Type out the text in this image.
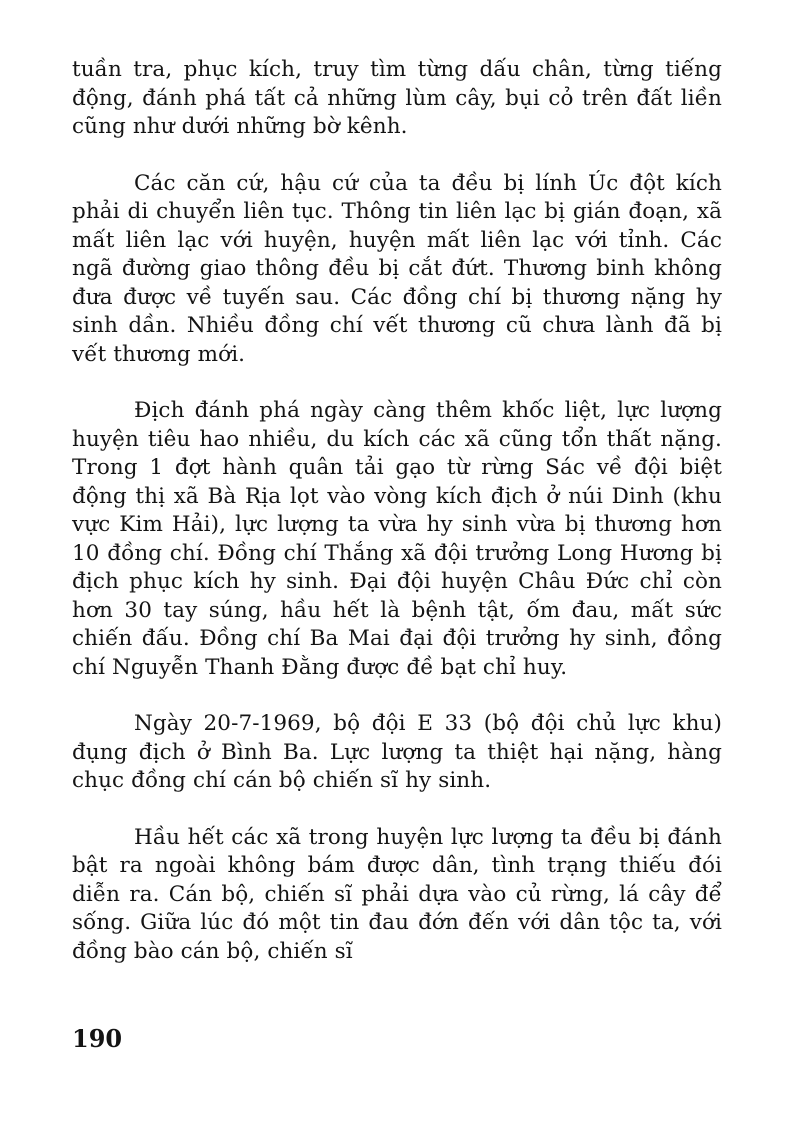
tuần tra, phục kích, truy tìm từng dấu chân, từng tiếng động, đánh phá tất cả những lùm cây, bụi cỏ trên đất liền cũng như dưới những bờ kênh.

Các căn cứ, hậu cứ của ta đều bị lính Úc đột kích phải di chuyển liên tục. Thông tin liên lạc bị gián đoạn, xã mất liên lạc với huyện, huyện mất liên lạc với tỉnh. Các ngã đường giao thông đều bị cắt đứt. Thương binh không đưa được về tuyến sau. Các đồng chí bị thương nặng hy sinh dần. Nhiều đồng chí vết thương cũ chưa lành đã bị vết thương mới.

Địch đánh phá ngày càng thêm khốc liệt, lực lượng huyện tiêu hao nhiều, du kích các xã cũng tổn thất nặng. Trong 1 đợt hành quân tải gạo từ rừng Sác về đội biệt động thị xã Bà Rịa lọt vào vòng kích địch ở núi Dinh (khu vực Kim Hải), lực lượng ta vừa hy sinh vừa bị thương hơn 10 đồng chí. Đồng chí Thắng xã đội trưởng Long Hương bị địch phục kích hy sinh. Đại đội huyện Châu Đức chỉ còn hơn 30 tay súng, hầu hết là bệnh tật, ốm đau, mất sức chiến đấu. Đồng chí Ba Mai đại đội trưởng hy sinh, đồng chí Nguyễn Thanh Đằng được đề bạt chỉ huy.

Ngày 20-7-1969, bộ đội E 33 (bộ đội chủ lực khu) đụng địch ở Bình Ba. Lực lượng ta thiệt hại nặng, hàng chục đồng chí cán bộ chiến sĩ hy sinh.

Hầu hết các xã trong huyện lực lượng ta đều bị đánh bật ra ngoài không bám được dân, tình trạng thiếu đói diễn ra. Cán bộ, chiến sĩ phải dựa vào củ rừng, lá cây để sống. Giữa lúc đó một tin đau đớn đến với dân tộc ta, với đồng bào cán bộ, chiến sĩ

190
